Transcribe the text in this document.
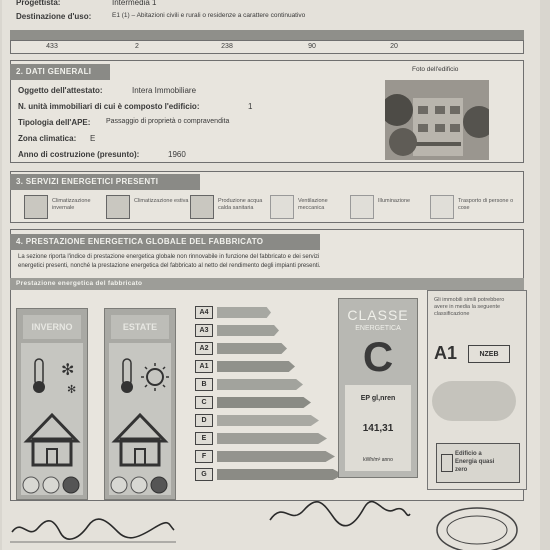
Progettista:	Intermedia 1
Destinazione d'uso:	E1 (1) – Abitazioni civili e rurali o residenze a carattere continuativo
433	2	238	90	20
2. DATI GENERALI	Foto dell'edificio
Oggetto dell'attestato:	Intera Immobiliare
N. unità immobiliari di cui è composto l'edificio:	1
Tipologia dell'APE: Passaggio di proprietà o compravendita
Zona climatica: E
Anno di costruzione (presunto):	1960
3. SERVIZI ENERGETICI PRESENTI
Climatizzazione invernale
Climatizzazione estiva	Produzione acqua calda sanitaria
Ventilazione meccanica
Illuminazione	Trasporto di persone o cose
4. PRESTAZIONE ENERGETICA GLOBALE DEL FABBRICATO
La sezione riporta l'indice di prestazione energetica globale non rinnovabile in funzione del fabbricato e dei servizi
energetici presenti, nonché la prestazione energetica del fabbricato al netto del rendimento degli impianti presenti.
Prestazione energetica del fabbricato
INVERNO
✻
✻
ESTATE
A4
A3
A2
A1
B
C
D
E
F
G
CLASSE
ENERGETICA
C
EP gl,nren
141,31
kWh/m² anno
Gli immobili simili potrebbero avere in media la seguente classificazione
A1	NZEB
Edificio a Energia quasi zero
